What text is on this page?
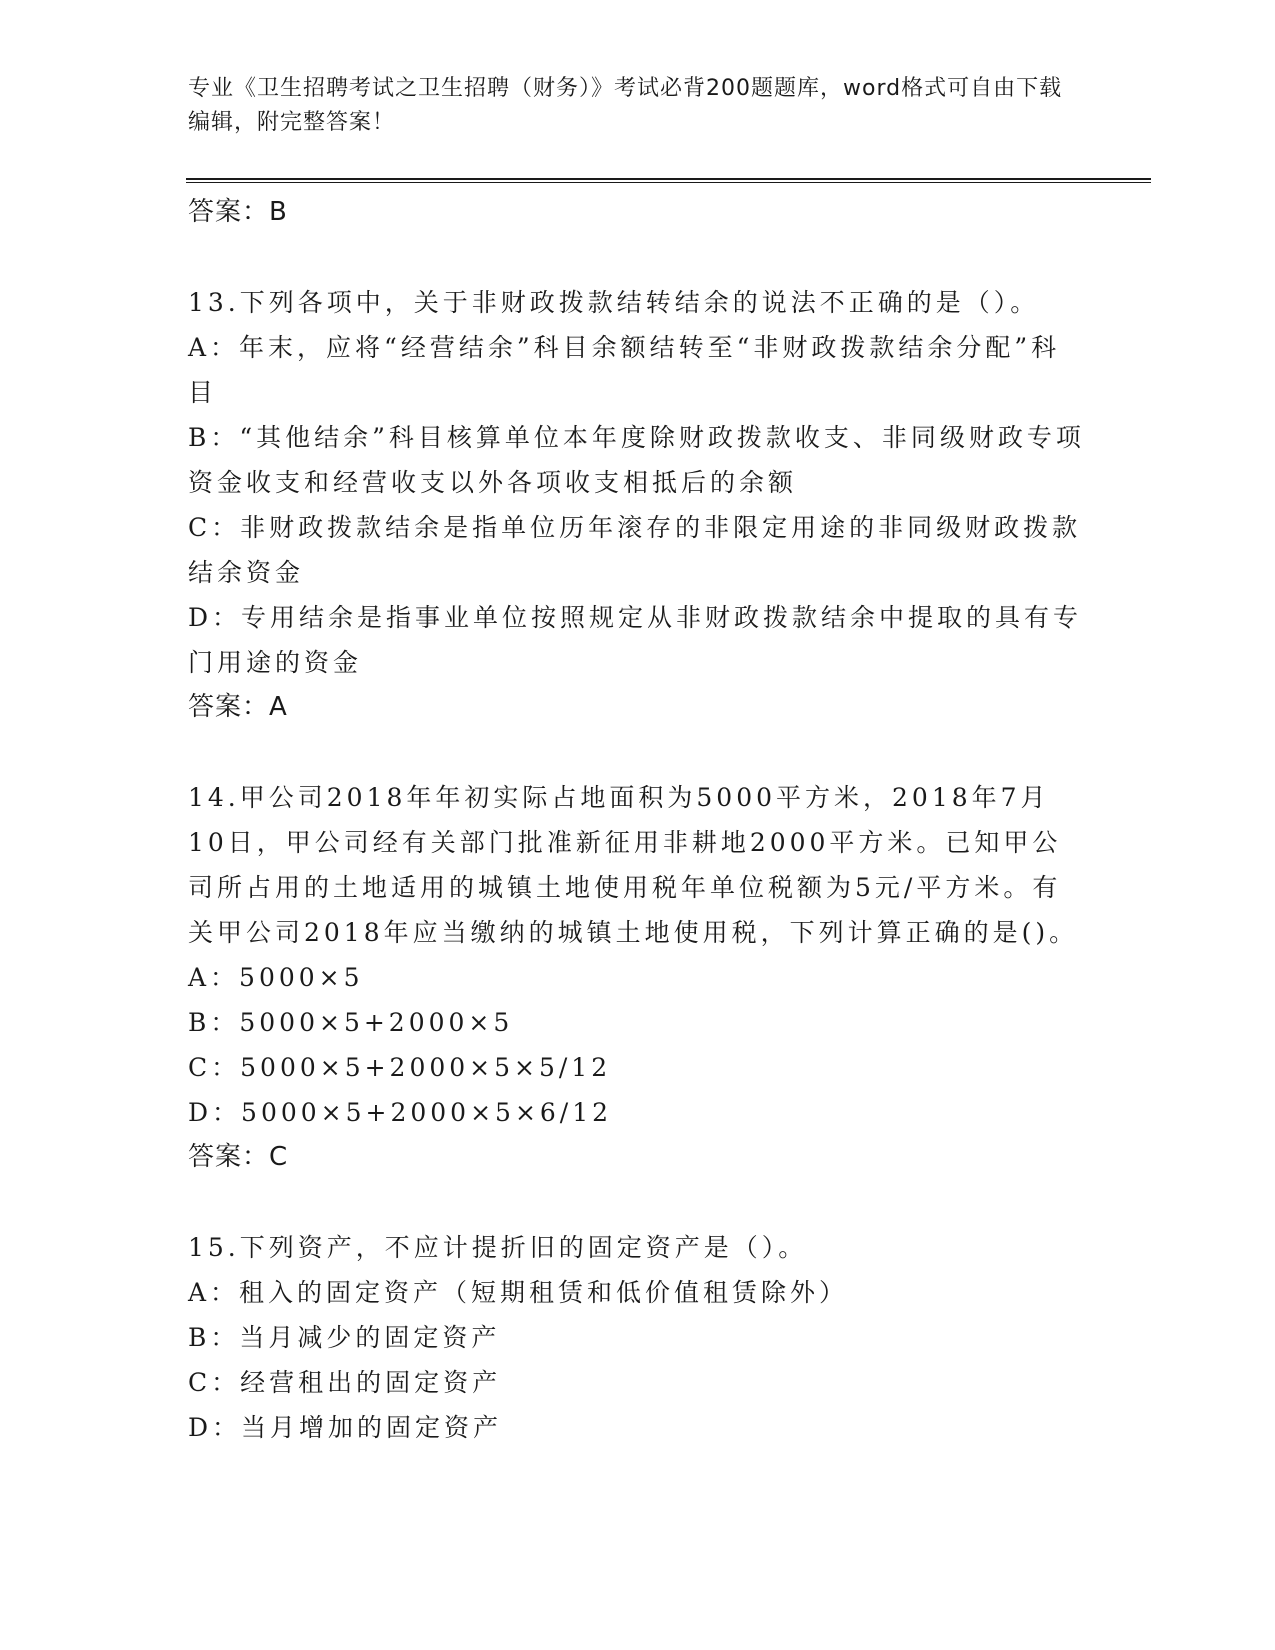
专业《卫生招聘考试之卫生招聘（财务）》考试必背200题题库，word格式可自由下载编辑，附完整答案！
答案：B
13.下列各项中，关于非财政拨款结转结余的说法不正确的是（）。
A：年末，应将“经营结余”科目余额结转至“非财政拨款结余分配”科目
B：“其他结余”科目核算单位本年度除财政拨款收支、非同级财政专项资金收支和经营收支以外各项收支相抵后的余额
C：非财政拨款结余是指单位历年滚存的非限定用途的非同级财政拨款结余资金
D：专用结余是指事业单位按照规定从非财政拨款结余中提取的具有专门用途的资金
答案：A
14.甲公司2018年年初实际占地面积为5000平方米，2018年7月10日，甲公司经有关部门批准新征用非耕地2000平方米。已知甲公司所占用的土地适用的城镇土地使用税年单位税额为5元/平方米。有关甲公司2018年应当缴纳的城镇土地使用税，下列计算正确的是()。
A：5000×5
B：5000×5+2000×5
C：5000×5+2000×5×5/12
D：5000×5+2000×5×6/12
答案：C
15.下列资产，不应计提折旧的固定资产是（）。
A：租入的固定资产（短期租赁和低价值租赁除外）
B：当月减少的固定资产
C：经营租出的固定资产
D：当月增加的固定资产
